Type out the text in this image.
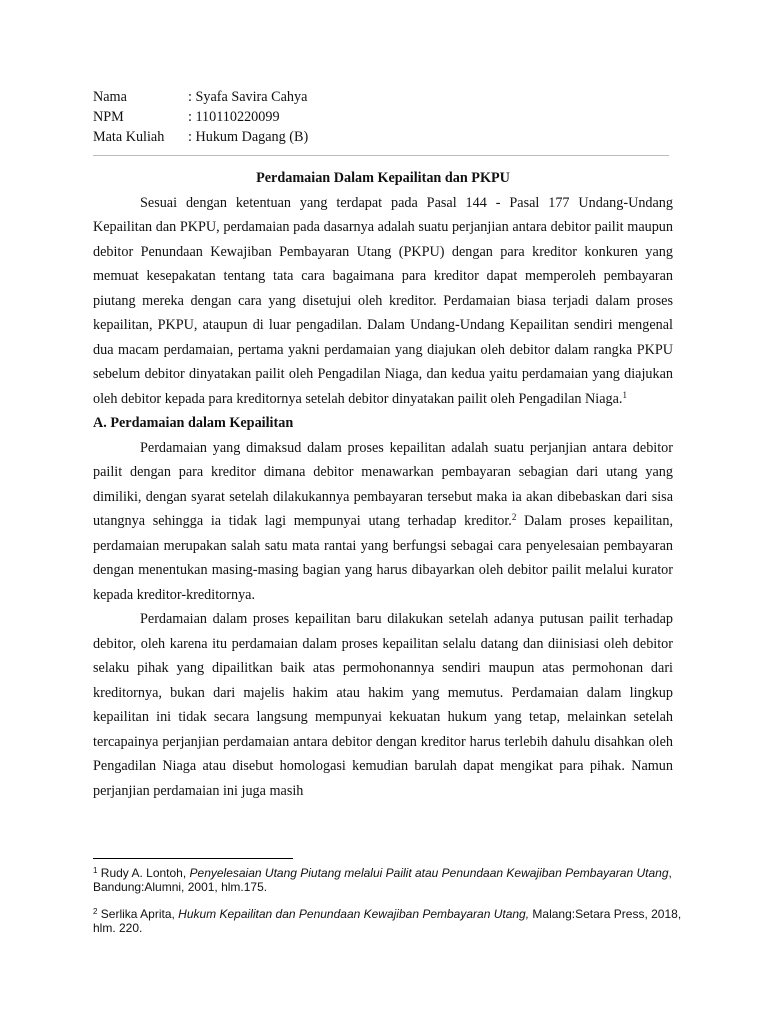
Nama	: Syafa Savira Cahya
NPM	: 110110220099
Mata Kuliah : Hukum Dagang (B)

Perdamaian Dalam Kepailitan dan PKPU

Sesuai dengan ketentuan yang terdapat pada Pasal 144 - Pasal 177 Undang-Undang Kepailitan dan PKPU, perdamaian pada dasarnya adalah suatu perjanjian antara debitor pailit maupun debitor Penundaan Kewajiban Pembayaran Utang (PKPU) dengan para kreditor konkuren yang memuat kesepakatan tentang tata cara bagaimana para kreditor dapat memperoleh pembayaran piutang mereka dengan cara yang disetujui oleh kreditor. Perdamaian biasa terjadi dalam proses kepailitan, PKPU, ataupun di luar pengadilan. Dalam Undang-Undang Kepailitan sendiri mengenal dua macam perdamaian, pertama yakni perdamaian yang diajukan oleh debitor dalam rangka PKPU sebelum debitor dinyatakan pailit oleh Pengadilan Niaga, dan kedua yaitu perdamaian yang diajukan oleh debitor kepada para kreditornya setelah debitor dinyatakan pailit oleh Pengadilan Niaga.$^1$

A. Perdamaian dalam Kepailitan

Perdamaian yang dimaksud dalam proses kepailitan adalah suatu perjanjian antara debitor pailit dengan para kreditor dimana debitor menawarkan pembayaran sebagian dari utang yang dimiliki, dengan syarat setelah dilakukannya pembayaran tersebut maka ia akan dibebaskan dari sisa utangnya sehingga ia tidak lagi mempunyai utang terhadap kreditor.$^2$ Dalam proses kepailitan, perdamaian merupakan salah satu mata rantai yang berfungsi sebagai cara penyelesaian pembayaran dengan menentukan masing-masing bagian yang harus dibayarkan oleh debitor pailit melalui kurator kepada kreditor-kreditornya.

Perdamaian dalam proses kepailitan baru dilakukan setelah adanya putusan pailit terhadap debitor, oleh karena itu perdamaian dalam proses kepailitan selalu datang dan diinisiasi oleh debitor selaku pihak yang dipailitkan baik atas permohonannya sendiri maupun atas permohonan dari kreditornya, bukan dari majelis hakim atau hakim yang memutus. Perdamaian dalam lingkup kepailitan ini tidak secara langsung mempunyai kekuatan hukum yang tetap, melainkan setelah tercapainya perjanjian perdamaian antara debitor dengan kreditor harus terlebih dahulu disahkan oleh Pengadilan Niaga atau disebut homologasi kemudian barulah dapat mengikat para pihak. Namun perjanjian perdamaian ini juga masih

$^1$ Rudy A. Lontoh, Penyelesaian Utang Piutang melalui Pailit atau Penundaan Kewajiban Pembayaran Utang, Bandung:Alumni, 2001, hlm.175.
$^2$ Serlika Aprita, Hukum Kepailitan dan Penundaan Kewajiban Pembayaran Utang, Malang:Setara Press, 2018, hlm. 220.
